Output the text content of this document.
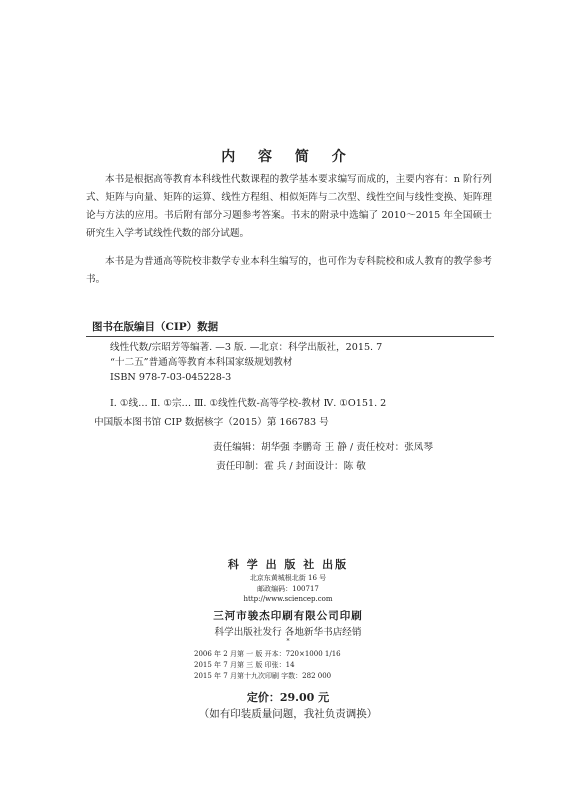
内 容 简 介

本书是根据高等教育本科线性代数课程的教学基本要求编写而成的，主要内容有：n 阶行列式、矩阵与向量、矩阵的运算、线性方程组、相似矩阵与二次型、线性空间与线性变换、矩阵理论与方法的应用。书后附有部分习题参考答案。书末的附录中选编了 2010～2015 年全国硕士研究生入学考试线性代数的部分试题。

本书是为普通高等院校非数学专业本科生编写的，也可作为专科院校和成人教育的教学参考书。

图书在版编目（CIP）数据
线性代数/宗昭芳等编著. —3 版. —北京：科学出版社，2015. 7
“十二五”普通高等教育本科国家级规划教材
ISBN 978-7-03-045228-3
Ⅰ. ①线… Ⅱ. ①宗… Ⅲ. ①线性代数-高等学校-教材 Ⅳ. ①O151. 2
中国版本图书馆 CIP 数据核字（2015）第 166783 号
责任编辑：胡华强 李鹏奇 王 静 / 责任校对：张凤琴
责任印制：霍 兵 / 封面设计：陈 敬
科 学 出 版 社 出版
北京东黄城根北街 16 号
邮政编码：100717
http://www.sciencep.com
三河市骏杰印刷有限公司印刷
科学出版社发行 各地新华书店经销
*
2006 年 2 月第 一 版 开本：720×1000 1/16
2015 年 7 月第 三 版 印张：14
2015 年 7 月第十九次印刷 字数：282 000
定价：29.00 元
（如有印装质量问题，我社负责调换）
